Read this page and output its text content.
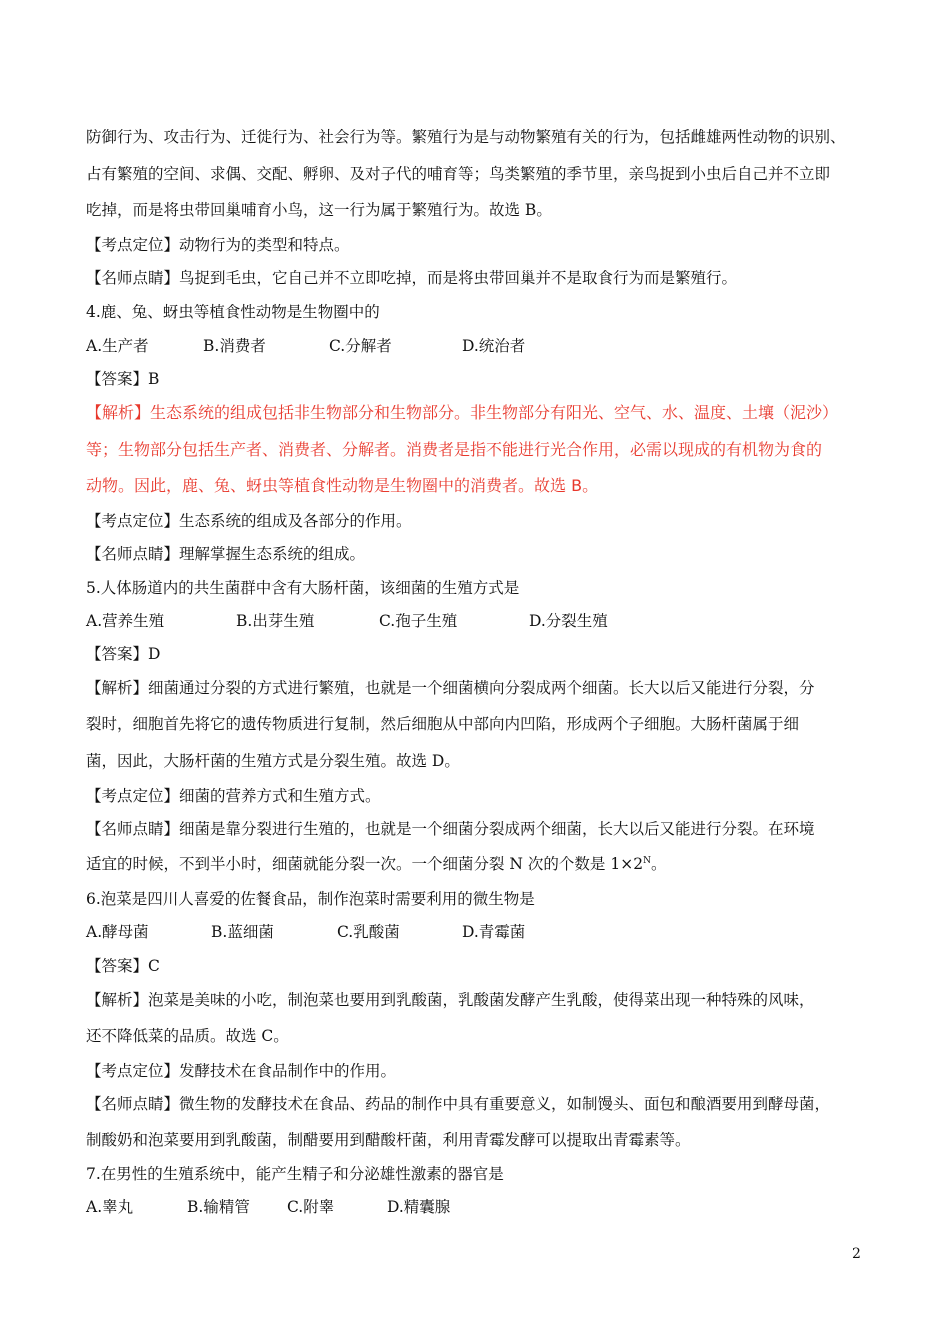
防御行为、攻击行为、迁徙行为、社会行为等。繁殖行为是与动物繁殖有关的行为，包括雌雄两性动物的识别、
占有繁殖的空间、求偶、交配、孵卵、及对子代的哺育等；鸟类繁殖的季节里，亲鸟捉到小虫后自己并不立即
吃掉，而是将虫带回巢哺育小鸟，这一行为属于繁殖行为。故选 B。
【考点定位】动物行为的类型和特点。
【名师点睛】鸟捉到毛虫，它自己并不立即吃掉，而是将虫带回巢并不是取食行为而是繁殖行。
4.鹿、兔、蚜虫等植食性动物是生物圈中的
A.生产者	B.消费者	C.分解者	D.统治者
【答案】B
【解析】生态系统的组成包括非生物部分和生物部分。非生物部分有阳光、空气、水、温度、土壤（泥沙）
等；生物部分包括生产者、消费者、分解者。消费者是指不能进行光合作用，必需以现成的有机物为食的
动物。因此，鹿、兔、蚜虫等植食性动物是生物圈中的消费者。故选 B。
【考点定位】生态系统的组成及各部分的作用。
【名师点睛】理解掌握生态系统的组成。
5.人体肠道内的共生菌群中含有大肠杆菌，该细菌的生殖方式是
A.营养生殖	B.出芽生殖	C.孢子生殖	D.分裂生殖
【答案】D
【解析】细菌通过分裂的方式进行繁殖，也就是一个细菌横向分裂成两个细菌。长大以后又能进行分裂，分
裂时，细胞首先将它的遗传物质进行复制，然后细胞从中部向内凹陷，形成两个子细胞。大肠杆菌属于细
菌，因此，大肠杆菌的生殖方式是分裂生殖。故选 D。
【考点定位】细菌的营养方式和生殖方式。
【名师点睛】细菌是靠分裂进行生殖的，也就是一个细菌分裂成两个细菌，长大以后又能进行分裂。在环境
适宜的时候，不到半小时，细菌就能分裂一次。一个细菌分裂 N 次的个数是 $1\times 2^N$。
6.泡菜是四川人喜爱的佐餐食品，制作泡菜时需要利用的微生物是
A.酵母菌	B.蓝细菌	C.乳酸菌	D.青霉菌
【答案】C
【解析】泡菜是美味的小吃，制泡菜也要用到乳酸菌，乳酸菌发酵产生乳酸，使得菜出现一种特殊的风味，
还不降低菜的品质。故选 C。
【考点定位】发酵技术在食品制作中的作用。
【名师点睛】微生物的发酵技术在食品、药品的制作中具有重要意义，如制馒头、面包和酿酒要用到酵母菌，
制酸奶和泡菜要用到乳酸菌，制醋要用到醋酸杆菌，利用青霉发酵可以提取出青霉素等。
7.在男性的生殖系统中，能产生精子和分泌雄性激素的器官是
A.睾丸	B.输精管 C.附睾	D.精囊腺
2
